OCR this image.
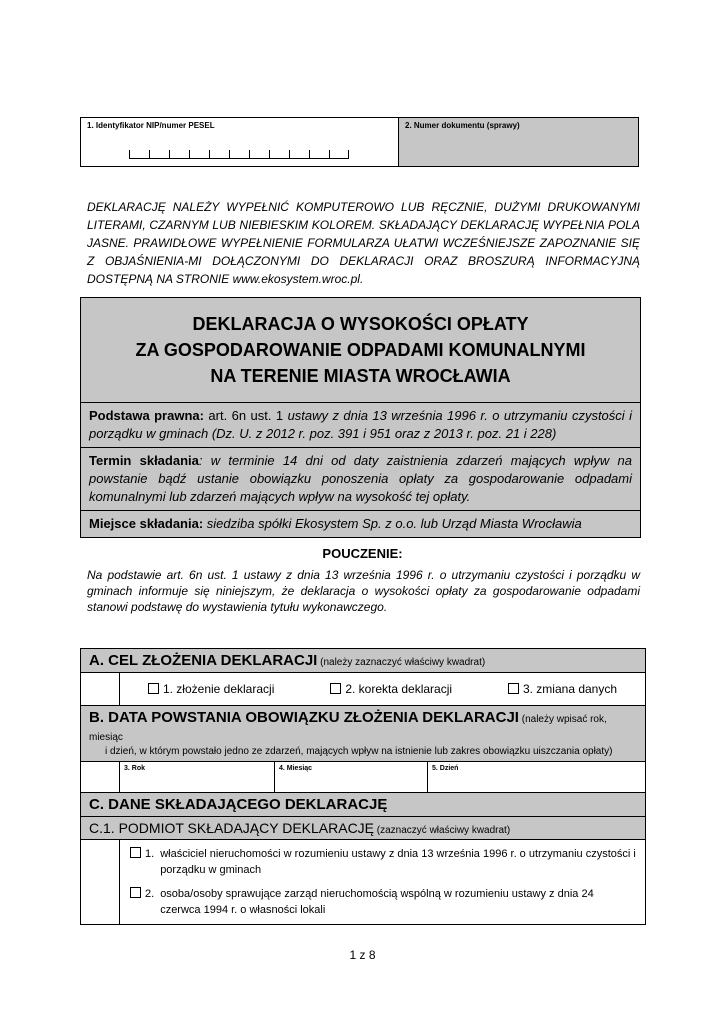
1. Identyfikator NIP/numer PESEL	2. Numer dokumentu (sprawy)
DEKLARACJĘ NALEŻY WYPEŁNIĆ KOMPUTEROWO LUB RĘCZNIE, DUŻYMI DRUKOWANYMI LITERAMI, CZARNYM LUB NIEBIESKIM KOLOREM. SKŁADAJĄCY DEKLARACJĘ WYPEŁNIA POLA JASNE. PRAWIDŁOWE WYPEŁNIENIE FORMULARZA UŁATWI WCZEŚNIEJSZE ZAPOZNANIE SIĘ Z OBJAŚNIENIA-MI DOŁĄCZONYMI DO DEKLARACJI ORAZ BROSZURĄ INFORMACYJNĄ DOSTĘPNĄ NA STRONIE www.ekosystem.wroc.pl.
DEKLARACJA O WYSOKOŚCI OPŁATY
ZA GOSPODAROWANIE ODPADAMI KOMUNALNYMI
NA TERENIE MIASTA WROCŁAWIA
Podstawa prawna: art. 6n ust. 1 ustawy z dnia 13 września 1996 r. o utrzymaniu czystości i porządku w gminach (Dz. U. z 2012 r. poz. 391 i 951 oraz z 2013 r. poz. 21 i 228)
Termin składania: w terminie 14 dni od daty zaistnienia zdarzeń mających wpływ na powstanie bądź ustanie obowiązku ponoszenia opłaty za gospodarowanie odpadami komunalnymi lub zdarzeń mających wpływ na wysokość tej opłaty.
Miejsce składania: siedziba spółki Ekosystem Sp. z o.o. lub Urząd Miasta Wrocławia
POUCZENIE:
Na podstawie art. 6n ust. 1 ustawy z dnia 13 września 1996 r. o utrzymaniu czystości i porządku w gminach informuje się niniejszym, że deklaracja o wysokości opłaty za gospodarowanie odpadami stanowi podstawę do wystawienia tytułu wykonawczego.
A. CEL ZŁOŻENIA DEKLARACJI (należy zaznaczyć właściwy kwadrat)
1. złożenie deklaracji	2. korekta deklaracji	3. zmiana danych
B. DATA POWSTANIA OBOWIĄZKU ZŁOŻENIA DEKLARACJI (należy wpisać rok, miesiąc
i dzień, w którym powstało jedno ze zdarzeń, mających wpływ na istnienie lub zakres obowiązku uiszczania opłaty)
3. Rok	4. Miesiąc	5. Dzień
C. DANE SKŁADAJĄCEGO DEKLARACJĘ
C.1. PODMIOT SKŁADAJĄCY DEKLARACJĘ (zaznaczyć właściwy kwadrat)
1. właściciel nieruchomości w rozumieniu ustawy z dnia 13 września 1996 r. o utrzymaniu czystości i porządku w gminach
2. osoba/osoby sprawujące zarząd nieruchomością wspólną w rozumieniu ustawy z dnia 24 czerwca 1994 r. o własności lokali
1 z 8
